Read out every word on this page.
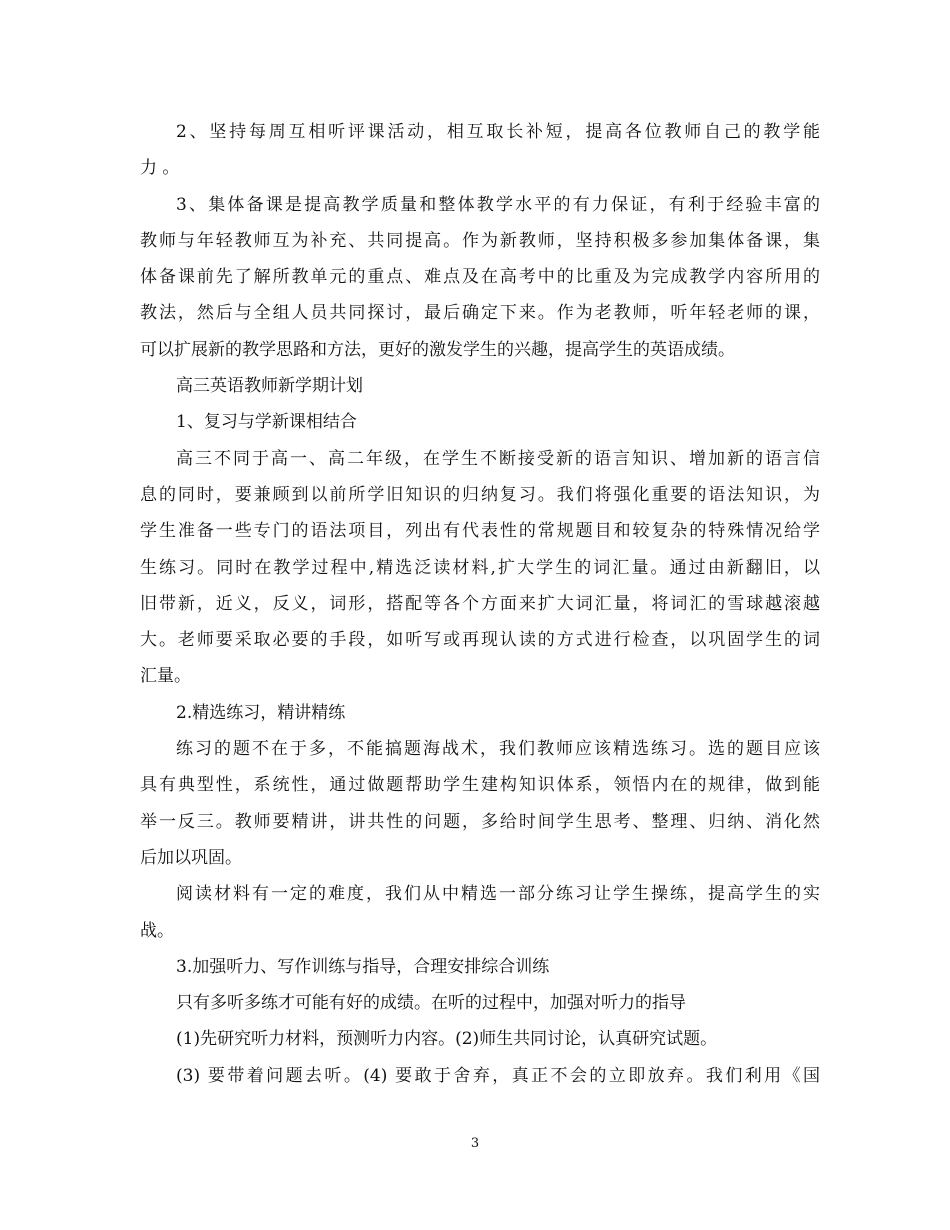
2、坚持每周互相听评课活动，相互取长补短，提高各位教师自己的教学能
力 。
3、集体备课是提高教学质量和整体教学水平的有力保证，有利于经验丰富的
教师与年轻教师互为补充、共同提高。作为新教师，坚持积极多参加集体备课，集
体备课前先了解所教单元的重点、难点及在高考中的比重及为完成教学内容所用的
教法，然后与全组人员共同探讨，最后确定下来。作为老教师，听年轻老师的课，
可以扩展新的教学思路和方法，更好的激发学生的兴趣，提高学生的英语成绩。
高三英语教师新学期计划
1、复习与学新课相结合
高三不同于高一、高二年级，在学生不断接受新的语言知识、增加新的语言信
息的同时，要兼顾到以前所学旧知识的归纳复习。我们将强化重要的语法知识，为
学生准备一些专门的语法项目，列出有代表性的常规题目和较复杂的特殊情况给学
生练习。同时在教学过程中,精选泛读材料,扩大学生的词汇量。通过由新翻旧，以
旧带新，近义，反义，词形，搭配等各个方面来扩大词汇量，将词汇的雪球越滚越
大。老师要采取必要的手段，如听写或再现认读的方式进行检查，以巩固学生的词
汇量。
2.精选练习，精讲精练
练习的题不在于多，不能搞题海战术，我们教师应该精选练习。选的题目应该
具有典型性，系统性，通过做题帮助学生建构知识体系，领悟内在的规律，做到能
举一反三。教师要精讲，讲共性的问题，多给时间学生思考、整理、归纳、消化然
后加以巩固。
阅读材料有一定的难度，我们从中精选一部分练习让学生操练，提高学生的实
战。
3.加强听力、写作训练与指导，合理安排综合训练
只有多听多练才可能有好的成绩。在听的过程中，加强对听力的指导
(1)先研究听力材料，预测听力内容。(2)师生共同讨论，认真研究试题。
(3) 要带着问题去听。(4) 要敢于舍弃，真正不会的立即放弃。我们利用《国
3
